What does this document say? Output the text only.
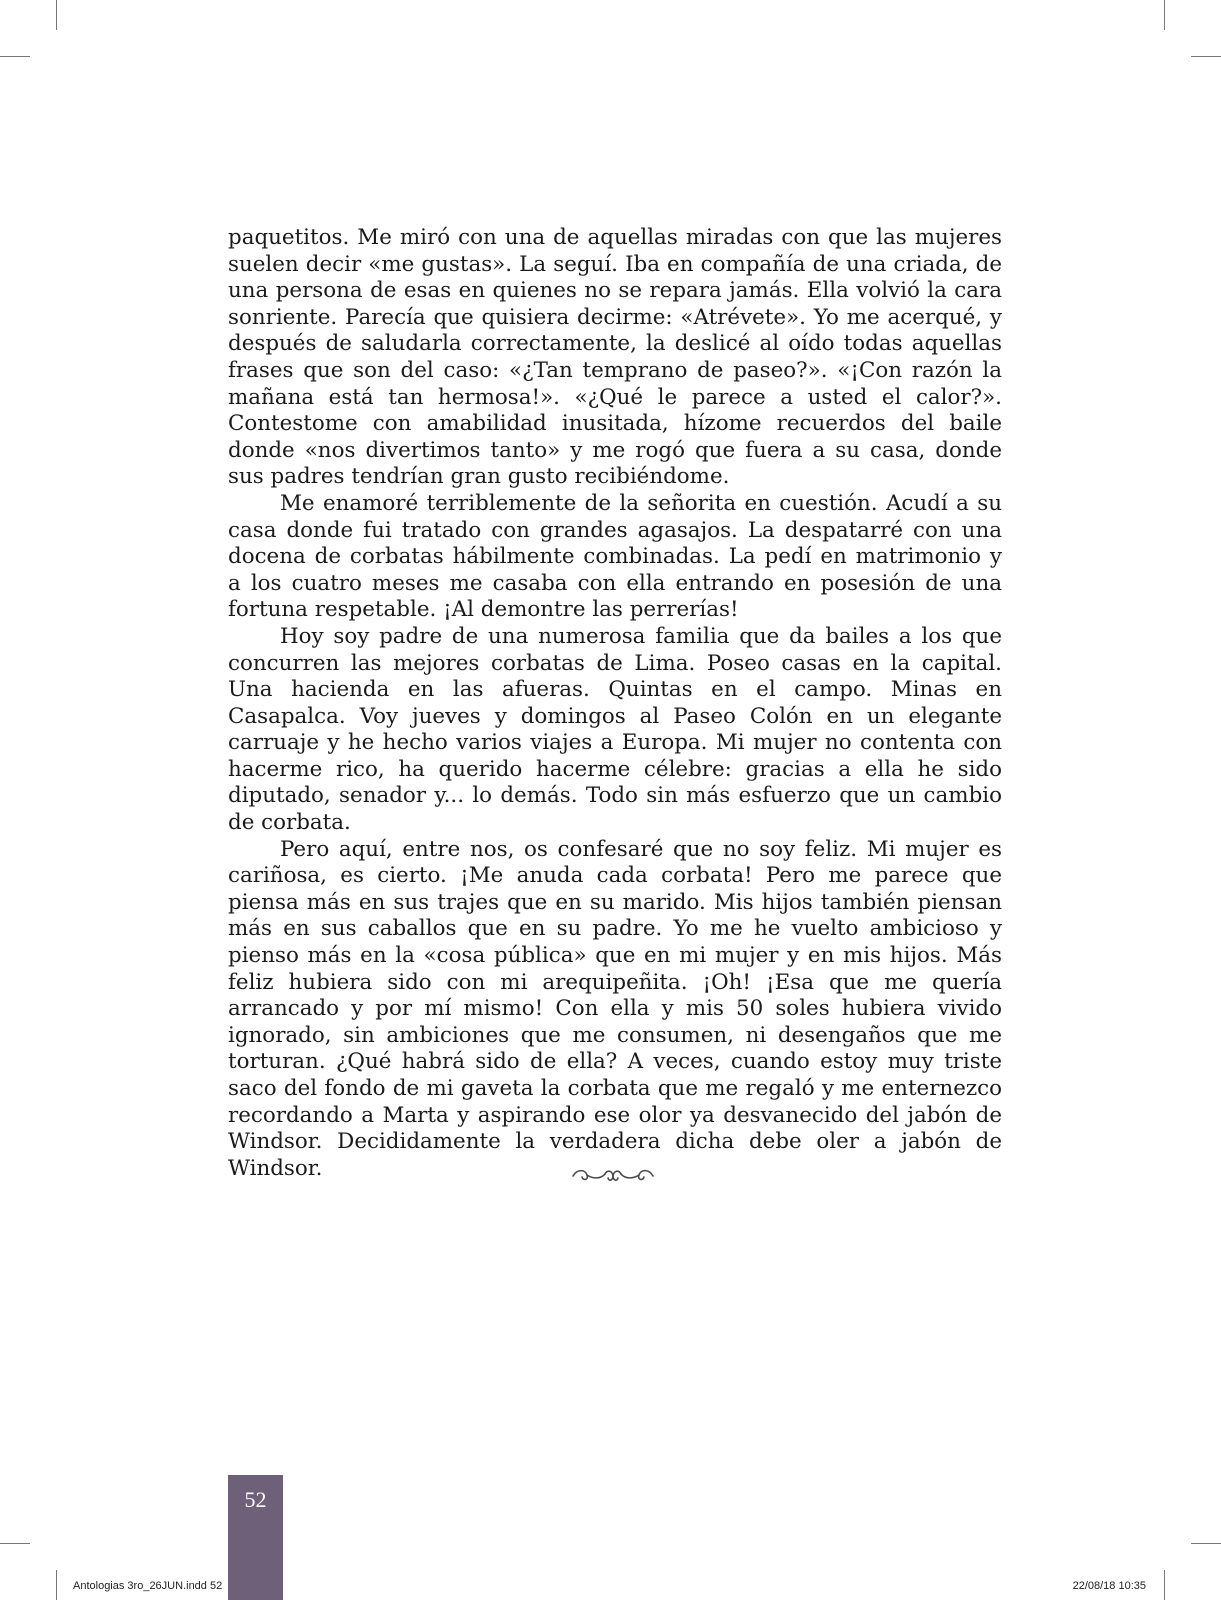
paquetitos. Me miró con una de aquellas miradas con que las mujeres suelen decir «me gustas». La seguí. Iba en compañía de una criada, de una persona de esas en quienes no se repara jamás. Ella volvió la cara sonriente. Parecía que quisiera decirme: «Atrévete». Yo me acerqué, y después de saludarla correctamente, la deslicé al oído todas aquellas frases que son del caso: «¿Tan temprano de paseo?». «¡Con razón la mañana está tan hermosa!». «¿Qué le parece a usted el calor?». Contestome con amabilidad inusitada, hízome recuerdos del baile donde «nos divertimos tanto» y me rogó que fuera a su casa, donde sus padres tendrían gran gusto recibiéndome.

Me enamoré terriblemente de la señorita en cuestión. Acudí a su casa donde fui tratado con grandes agasajos. La despatarré con una docena de corbatas hábilmente combinadas. La pedí en matrimonio y a los cuatro meses me casaba con ella entrando en posesión de una fortuna respetable. ¡Al demontre las perrerías!

Hoy soy padre de una numerosa familia que da bailes a los que concurren las mejores corbatas de Lima. Poseo casas en la capital. Una hacienda en las afueras. Quintas en el campo. Minas en Casapalca. Voy jueves y domingos al Paseo Colón en un elegante carruaje y he hecho varios viajes a Europa. Mi mujer no contenta con hacerme rico, ha querido hacerme célebre: gracias a ella he sido diputado, senador y... lo demás. Todo sin más esfuerzo que un cambio de corbata.

Pero aquí, entre nos, os confesaré que no soy feliz. Mi mujer es cariñosa, es cierto. ¡Me anuda cada corbata! Pero me parece que piensa más en sus trajes que en su marido. Mis hijos también piensan más en sus caballos que en su padre. Yo me he vuelto ambicioso y pienso más en la «cosa pública» que en mi mujer y en mis hijos. Más feliz hubiera sido con mi arequipeñita. ¡Oh! ¡Esa que me quería arrancado y por mí mismo! Con ella y mis 50 soles hubiera vivido ignorado, sin ambiciones que me consumen, ni desengaños que me torturan. ¿Qué habrá sido de ella? A veces, cuando estoy muy triste saco del fondo de mi gaveta la corbata que me regaló y me enternezco recordando a Marta y aspirando ese olor ya desvanecido del jabón de Windsor. Decididamente la verdadera dicha debe oler a jabón de Windsor.

52
Antologias 3ro_26JUN.indd 52	22/08/18 10:35
